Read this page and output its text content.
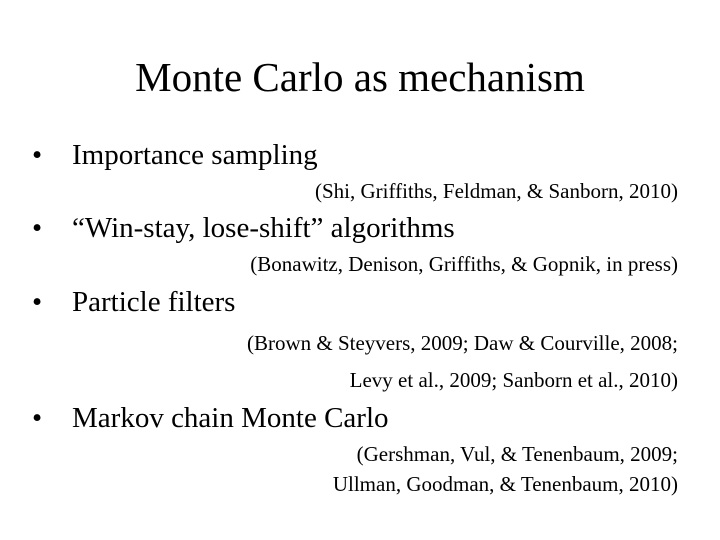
Monte Carlo as mechanism
• Importance sampling
(Shi, Griffiths, Feldman, & Sanborn, 2010)
• “Win-stay, lose-shift” algorithms
(Bonawitz, Denison, Griffiths, & Gopnik, in press)
• Particle filters
(Brown & Steyvers, 2009; Daw & Courville, 2008;
Levy et al., 2009; Sanborn et al., 2010)
• Markov chain Monte Carlo
(Gershman, Vul, & Tenenbaum, 2009;
Ullman, Goodman, & Tenenbaum, 2010)
